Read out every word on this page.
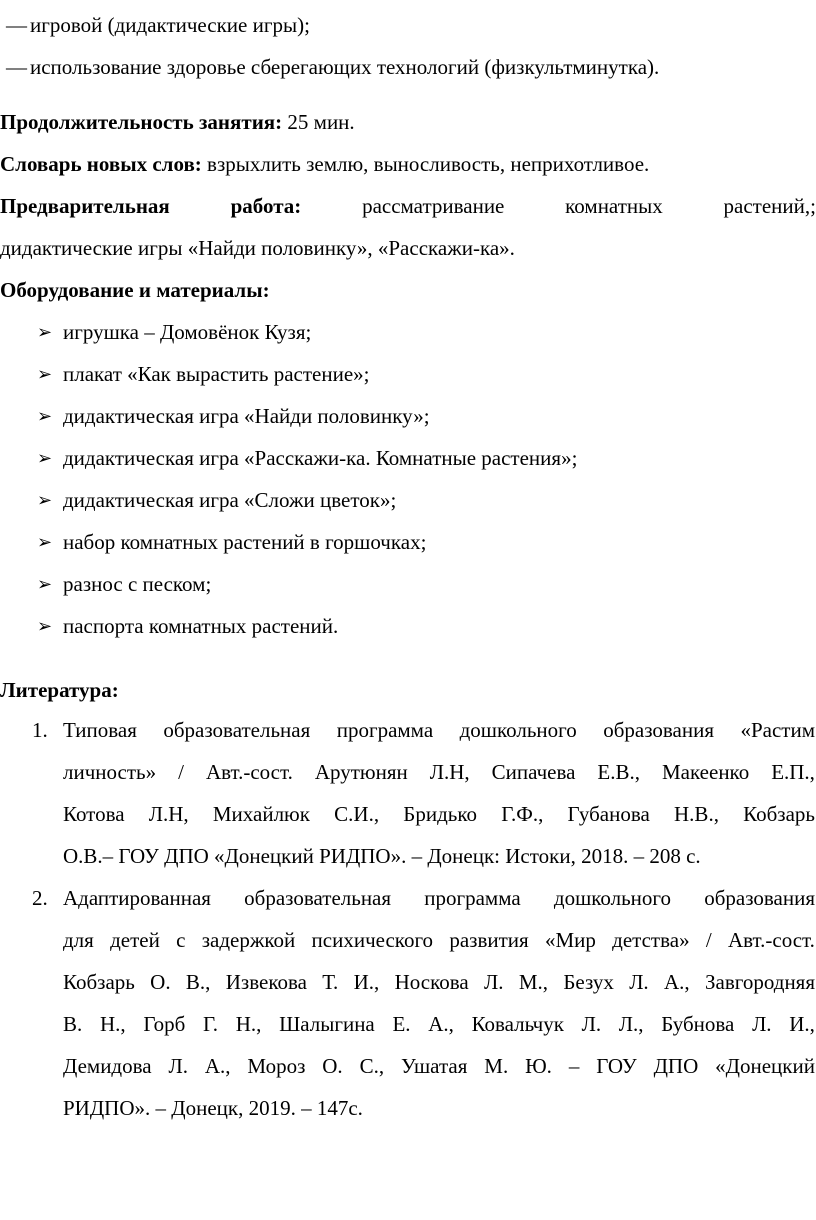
— игровой (дидактические игры);
— использование здоровье сберегающих технологий (физкультминутка).
Продолжительность занятия: 25 мин.
Словарь новых слов: взрыхлить землю, выносливость, неприхотливое.
Предварительная	работа:	рассматривание	комнатных	растений,;
дидактические игры «Найди половинку», «Расскажи-ка».
Оборудование и материалы:
➢ игрушка – Домовёнок Кузя;
➢ плакат «Как вырастить растение»;
➢ дидактическая игра «Найди половинку»;
➢ дидактическая игра «Расскажи-ка. Комнатные растения»;
➢ дидактическая игра «Сложи цветок»;
➢ набор комнатных растений в горшочках;
➢ разнос с песком;
➢ паспорта комнатных растений.
Литература:
1. Типовая образовательная программа дошкольного образования «Растим
личность» / Авт.-сост. Арутюнян Л.Н, Сипачева Е.В., Макеенко Е.П.,
Котова Л.Н, Михайлюк С.И., Бридько Г.Ф., Губанова Н.В., Кобзарь
О.В.– ГОУ ДПО «Донецкий РИДПО». – Донецк: Истоки, 2018. – 208 с.
2. Адаптированная образовательная программа дошкольного образования
для детей с задержкой психического развития «Мир детства» / Авт.-сост.
Кобзарь О. В., Извекова Т. И., Носкова Л. М., Безух Л. А., Завгородняя
В. Н., Горб Г. Н., Шалыгина Е. А., Ковальчук Л. Л., Бубнова Л. И.,
Демидова Л. А., Мороз О. С., Ушатая М. Ю. – ГОУ ДПО «Донецкий
РИДПО». – Донецк, 2019. – 147с.
